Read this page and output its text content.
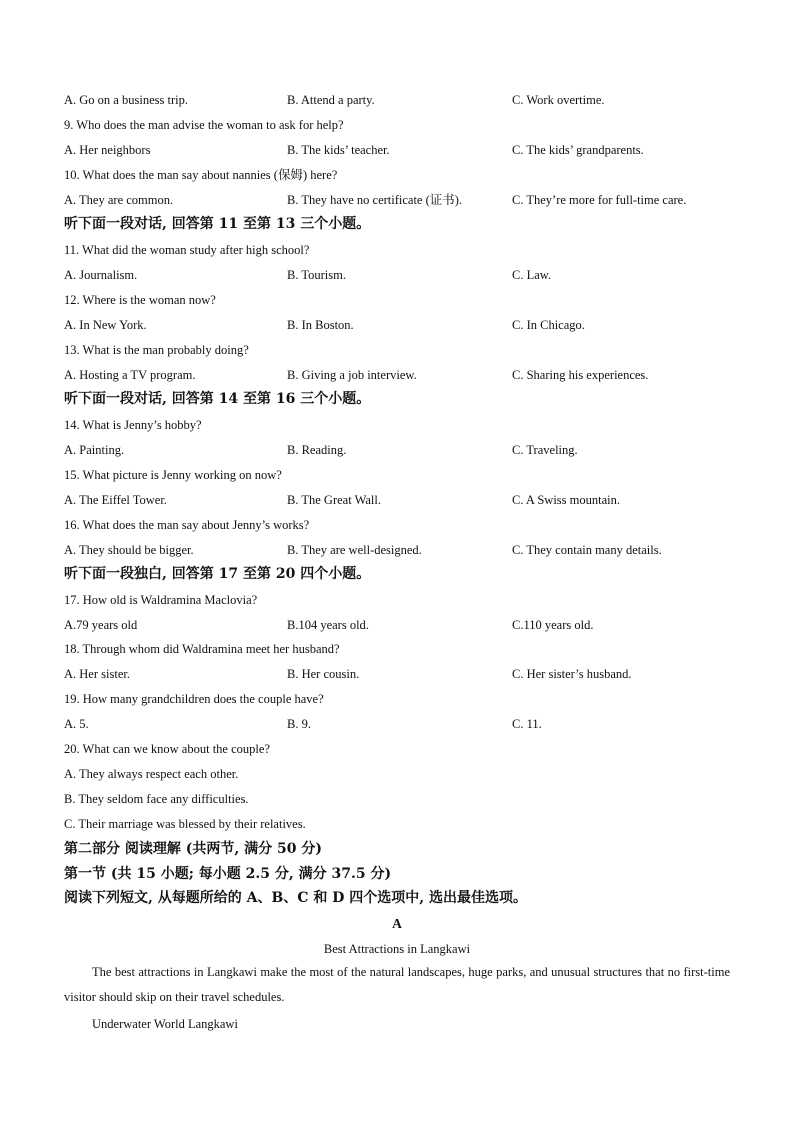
A. Go on a business trip.	B. Attend a party.	C. Work overtime.
9. Who does the man advise the woman to ask for help?
A. Her neighbors	B. The kids’ teacher.	C. The kids’ grandparents.
10. What does the man say about nannies (保姆) here?
A. They are common.	B. They have no certificate (证书).	C. They’re more for full-time care.
听下面一段对话, 回答第 11 至第 13 三个小题。
11. What did the woman study after high school?
A. Journalism.	B. Tourism.	C. Law.
12. Where is the woman now?
A. In New York.	B. In Boston.	C. In Chicago.
13. What is the man probably doing?
A. Hosting a TV program.	B. Giving a job interview.	C. Sharing his experiences.
听下面一段对话, 回答第 14 至第 16 三个小题。
14. What is Jenny’s hobby?
A. Painting.	B. Reading.	C. Traveling.
15. What picture is Jenny working on now?
A. The Eiffel Tower.	B. The Great Wall.	C. A Swiss mountain.
16. What does the man say about Jenny’s works?
A. They should be bigger.	B. They are well-designed.	C. They contain many details.
听下面一段独白, 回答第 17 至第 20 四个小题。
17. How old is Waldramina Maclovia?
A.79 years old	B.104 years old.	C.110 years old.
18. Through whom did Waldramina meet her husband?
A. Her sister.	B. Her cousin.	C. Her sister’s husband.
19. How many grandchildren does the couple have?
A. 5.	B. 9.	C. 11.
20. What can we know about the couple?
A. They always respect each other.
B. They seldom face any difficulties.
C. Their marriage was blessed by their relatives.
第二部分 阅读理解 (共两节, 满分 50 分)
第一节 (共 15 小题; 每小题 2.5 分, 满分 37.5 分)
阅读下列短文, 从每题所给的 A、B、C 和 D 四个选项中, 选出最佳选项。
A
Best Attractions in Langkawi
The best attractions in Langkawi make the most of the natural landscapes, huge parks, and unusual structures that no first-time visitor should skip on their travel schedules.
Underwater World Langkawi
